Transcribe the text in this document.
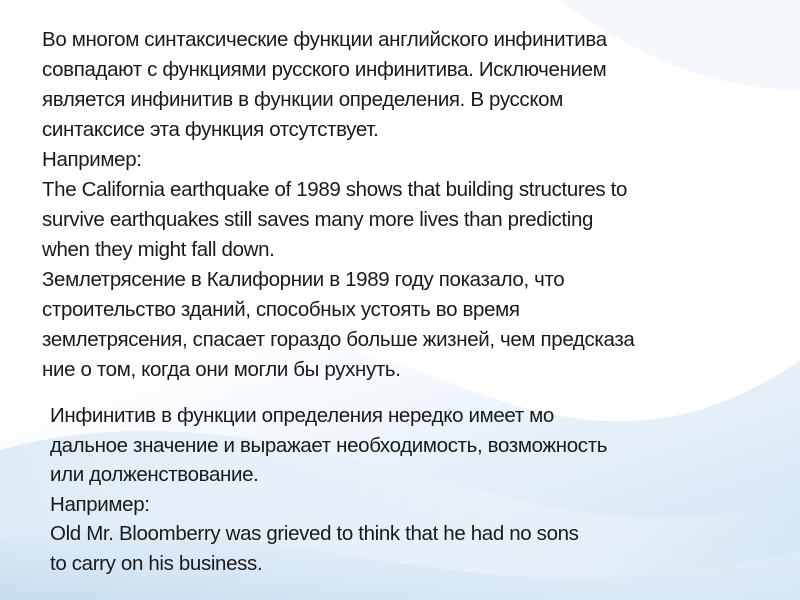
Во многом синтаксические функции английского инфинитива
совпадают с функциями русского инфинитива. Исключением
является инфинитив в функции определения. В русском
синтаксисе эта функция отсутствует.
Например:
The California earthquake of 1989 shows that building structures to
survive earthquakes still saves many more lives than predicting
when they might fall down.
Землетрясение в Калифорнии в 1989 году показало, что
строительство зданий, способных устоять во время
землетрясения, спасает гораздо больше жизней, чем предсказа
ние о том, когда они могли бы рухнуть.
Инфинитив в функции определения нередко имеет мо
дальное значение и выражает необходимость, возможность
или долженствование.
Например:
Old Mr. Bloomberry was grieved to think that he had no sons
to carry on his business.
